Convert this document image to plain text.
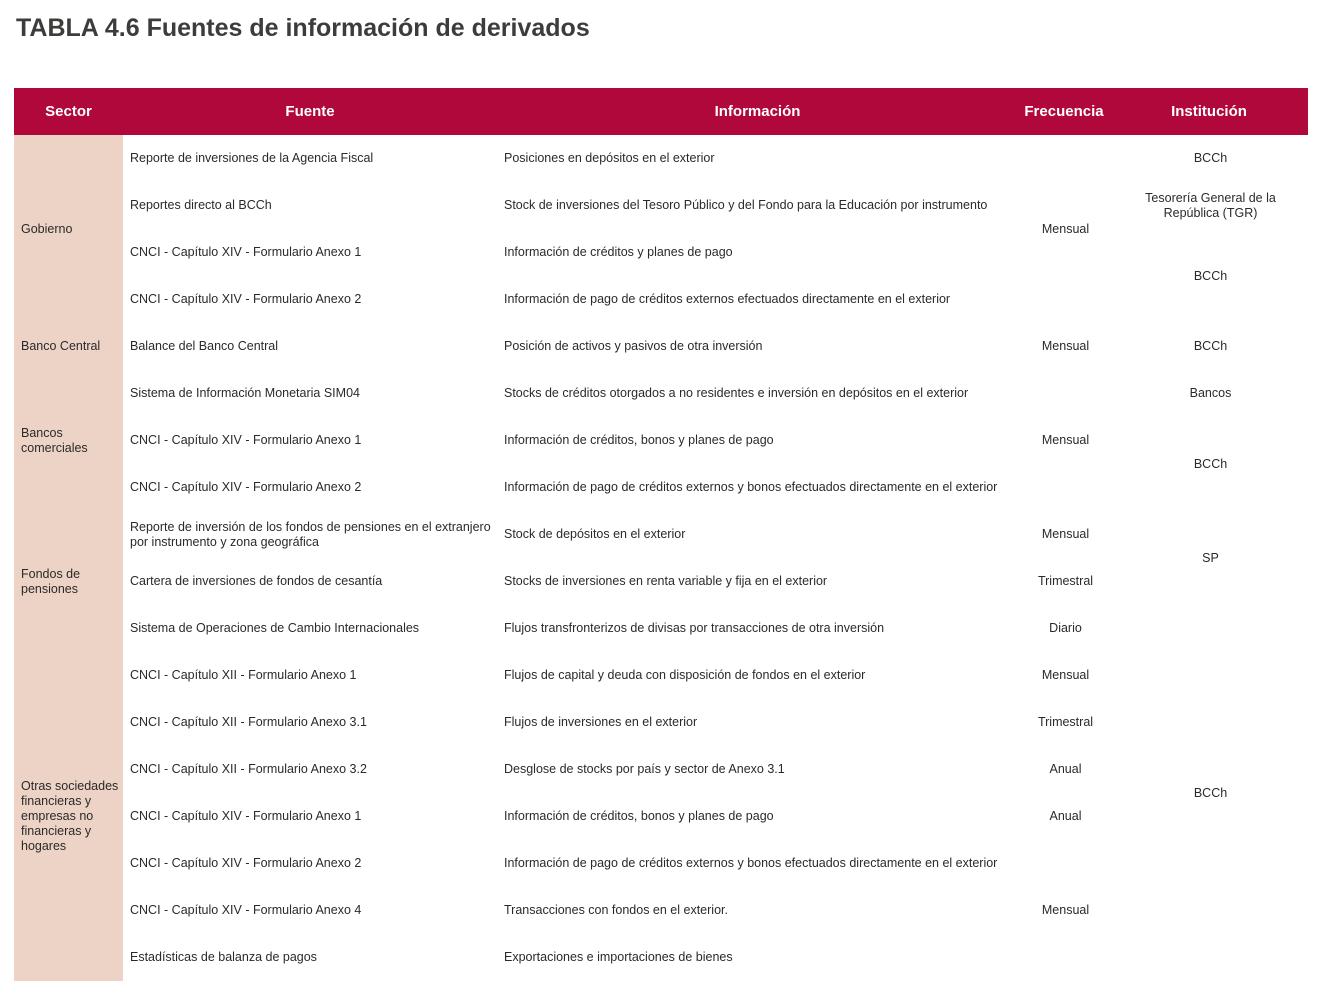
TABLA 4.6 Fuentes de información de derivados
Sector	Fuente	Información	Frecuencia	Institución
Gobierno	Reporte de inversiones de la Agencia Fiscal	Posiciones en depósitos en el exterior	Mensual	BCCh
	Reportes directo al BCCh	Stock de inversiones del Tesoro Público y del Fondo para la Educación por instrumento		Tesorería General de la República (TGR)
	CNCI - Capítulo XIV - Formulario Anexo 1	Información de créditos y planes de pago		BCCh
	CNCI - Capítulo XIV - Formulario Anexo 2	Información de pago de créditos externos efectuados directamente en el exterior		
Banco Central	Balance del Banco Central	Posición de activos y pasivos de otra inversión	Mensual	BCCh
Bancos comerciales	Sistema de Información Monetaria SIM04	Stocks de créditos otorgados a no residentes e inversión en depósitos en el exterior	Mensual	Bancos
	CNCI - Capítulo XIV - Formulario Anexo 1	Información de créditos, bonos y planes de pago		BCCh
	CNCI - Capítulo XIV - Formulario Anexo 2	Información de pago de créditos externos y bonos efectuados directamente en el exterior		
Fondos de pensiones	Reporte de inversión de los fondos de pensiones en el extranjero por instrumento y zona geográfica	Stock de depósitos en el exterior	Mensual	SP
	Cartera de inversiones de fondos de cesantía	Stocks de inversiones en renta variable y fija en el exterior	Trimestral	
	Sistema de Operaciones de Cambio Internacionales	Flujos transfronterizos de divisas por transacciones de otra inversión	Diario	BCCh
Otras sociedades financieras y empresas no financieras y hogares	CNCI - Capítulo XII - Formulario Anexo 1	Flujos de capital y deuda con disposición de fondos en el exterior	Mensual	
	CNCI - Capítulo XII - Formulario Anexo 3.1	Flujos de inversiones en el exterior	Trimestral	
	CNCI - Capítulo XII - Formulario Anexo 3.2	Desglose de stocks por país y sector de Anexo 3.1	Anual	
	CNCI - Capítulo XIV - Formulario Anexo 1	Información de créditos, bonos y planes de pago	Anual	
	CNCI - Capítulo XIV - Formulario Anexo 2	Información de pago de créditos externos y bonos efectuados directamente en el exterior	Mensual	
	CNCI - Capítulo XIV - Formulario Anexo 4	Transacciones con fondos en el exterior.		
	Estadísticas de balanza de pagos	Exportaciones e importaciones de bienes		
